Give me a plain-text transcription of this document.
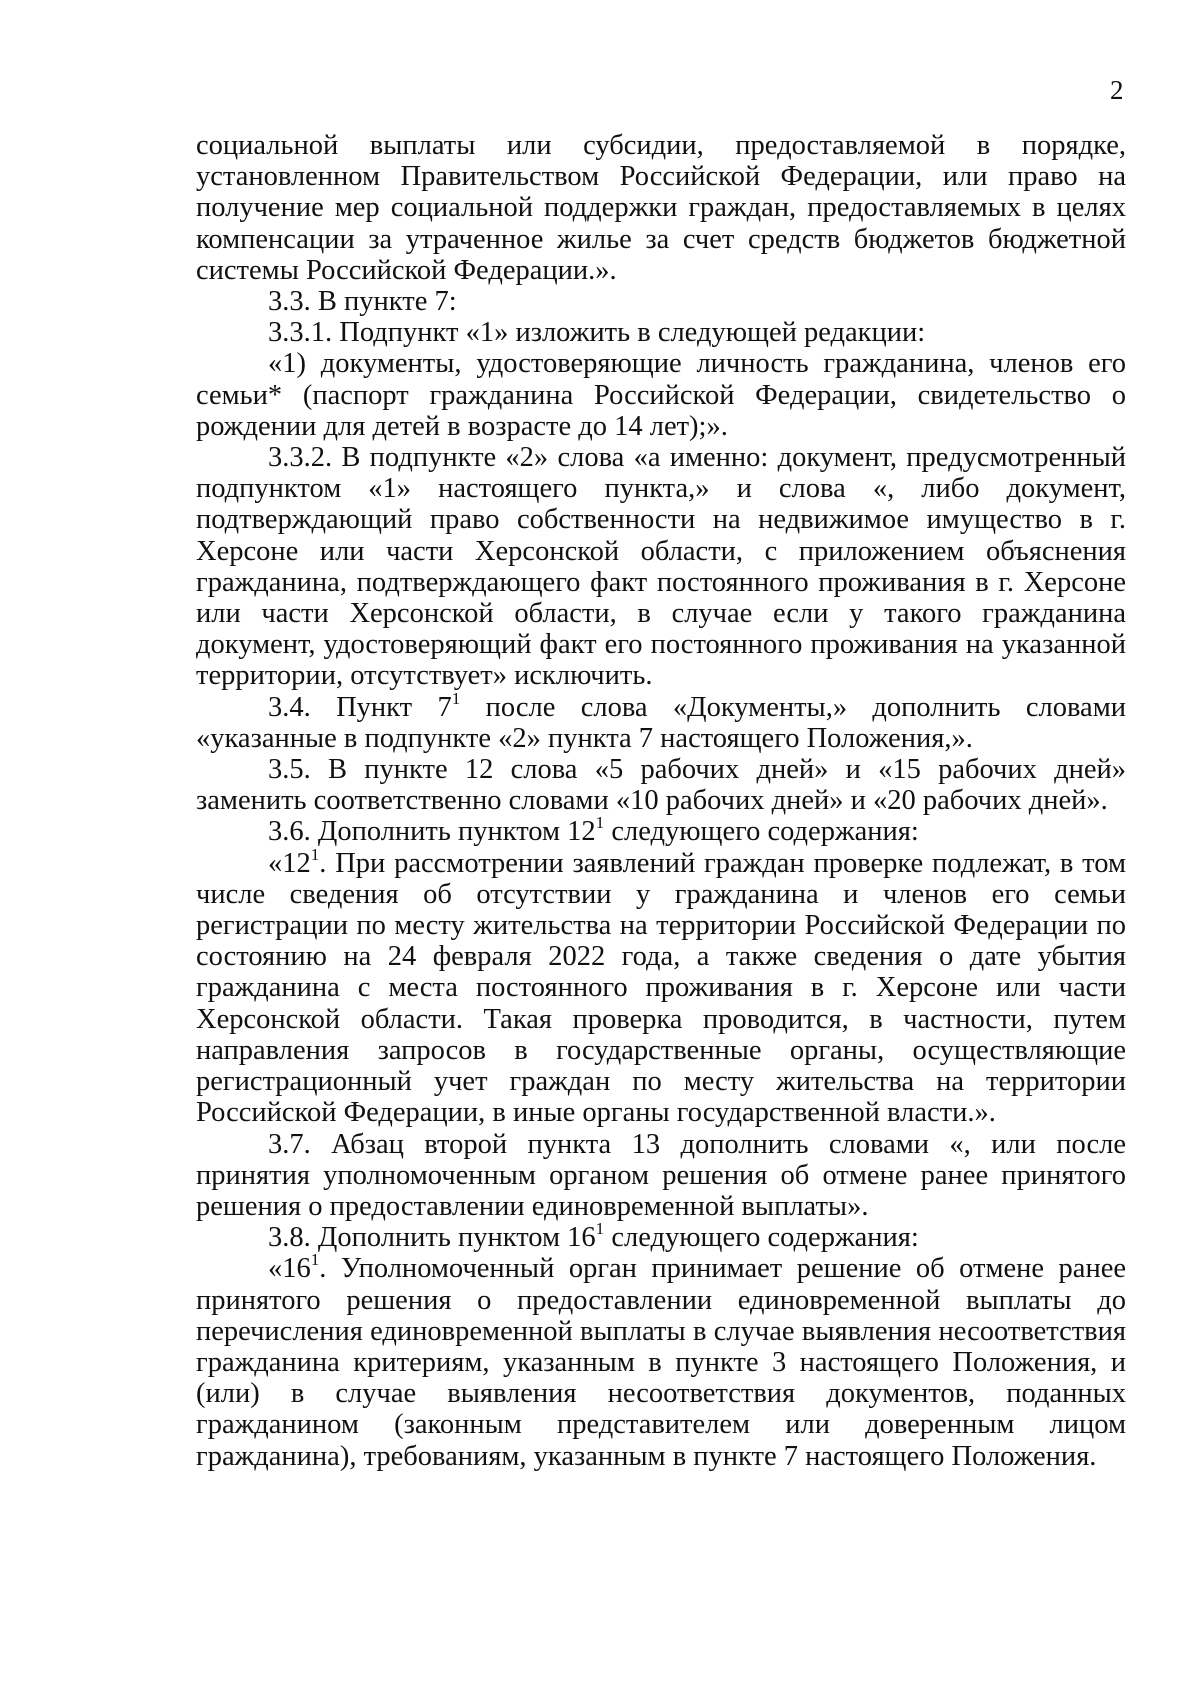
2

социальной выплаты или субсидии, предоставляемой в порядке, установленном Правительством Российской Федерации, или право на получение мер социальной поддержки граждан, предоставляемых в целях компенсации за утраченное жилье за счет средств бюджетов бюджетной системы Российской Федерации.».

3.3. В пункте 7:

3.3.1. Подпункт «1» изложить в следующей редакции:

«1) документы, удостоверяющие личность гражданина, членов его семьи* (паспорт гражданина Российской Федерации, свидетельство о рождении для детей в возрасте до 14 лет);».

3.3.2. В подпункте «2» слова «а именно: документ, предусмотренный подпунктом «1» настоящего пункта,» и слова «, либо документ, подтверждающий право собственности на недвижимое имущество в г. Херсоне или части Херсонской области, с приложением объяснения гражданина, подтверждающего факт постоянного проживания в г. Херсоне или части Херсонской области, в случае если у такого гражданина документ, удостоверяющий факт его постоянного проживания на указанной территории, отсутствует» исключить.

3.4. Пункт $7^1$ после слова «Документы,» дополнить словами «указанные в подпункте «2» пункта 7 настоящего Положения,».

3.5. В пункте 12 слова «5 рабочих дней» и «15 рабочих дней» заменить соответственно словами «10 рабочих дней» и «20 рабочих дней».

3.6. Дополнить пунктом $12^1$ следующего содержания:

«$12^1$. При рассмотрении заявлений граждан проверке подлежат, в том числе сведения об отсутствии у гражданина и членов его семьи регистрации по месту жительства на территории Российской Федерации по состоянию на 24 февраля 2022 года, а также сведения о дате убытия гражданина с места постоянного проживания в г. Херсоне или части Херсонской области. Такая проверка проводится, в частности, путем направления запросов в государственные органы, осуществляющие регистрационный учет граждан по месту жительства на территории Российской Федерации, в иные органы государственной власти.».

3.7. Абзац второй пункта 13 дополнить словами «, или после принятия уполномоченным органом решения об отмене ранее принятого решения о предоставлении единовременной выплаты».

3.8. Дополнить пунктом $16^1$ следующего содержания:

«$16^1$. Уполномоченный орган принимает решение об отмене ранее принятого решения о предоставлении единовременной выплаты до перечисления единовременной выплаты в случае выявления несоответствия гражданина критериям, указанным в пункте 3 настоящего Положения, и (или) в случае выявления несоответствия документов, поданных гражданином (законным представителем или доверенным лицом гражданина), требованиям, указанным в пункте 7 настоящего Положения.
